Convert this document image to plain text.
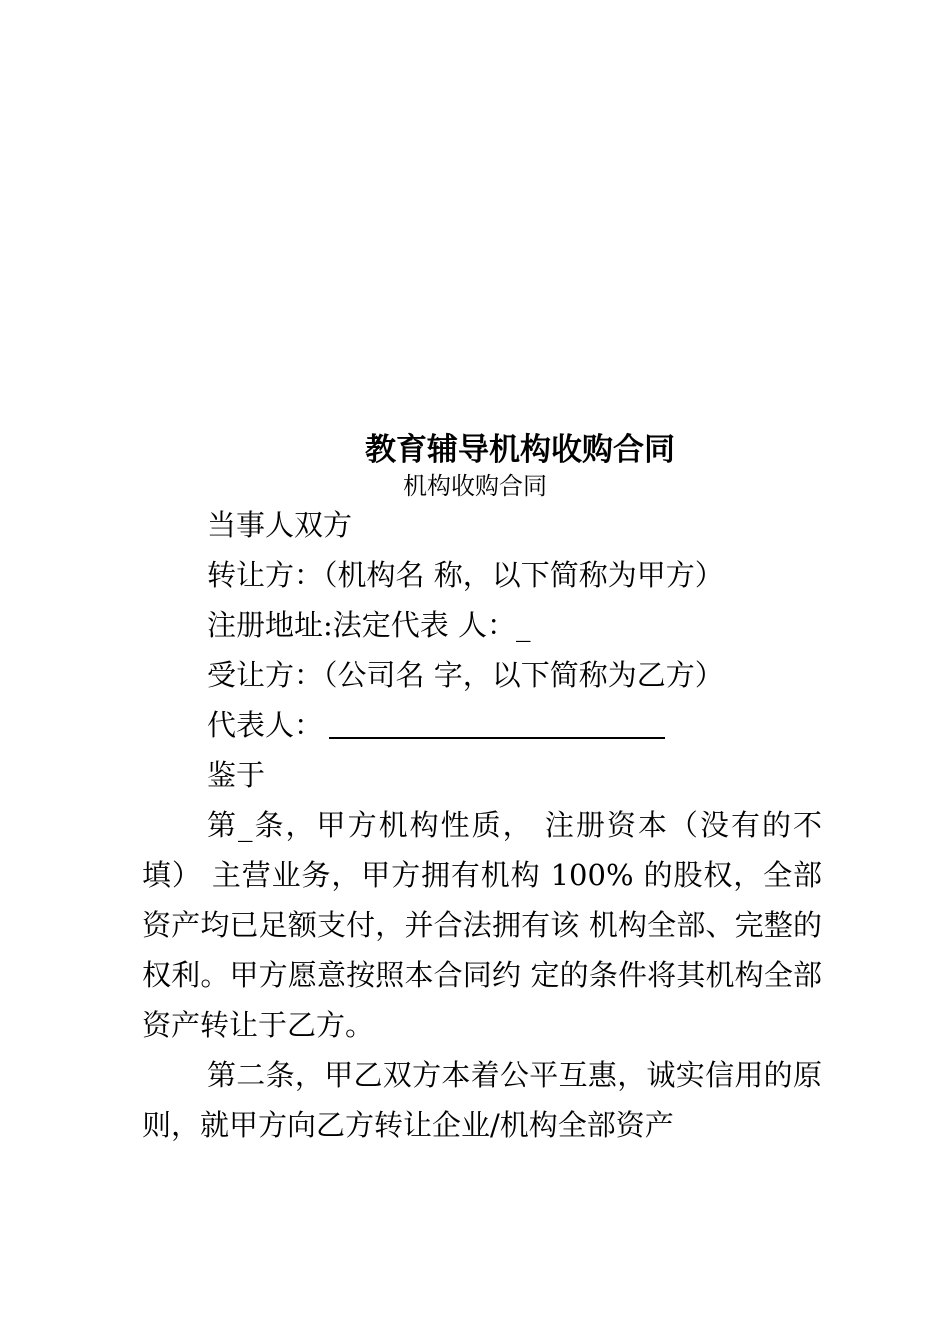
教育辅导机构收购合同
机构收购合同

当事人双方

转让方：（机构名 称，以下简称为甲方）

注册地址:法定代表 人：_

受让方：（公司名 字，以下简称为乙方）

代表人：

鉴于

第_条，甲方机构性质， 注册资本（没有的不填） 主营业务，甲方拥有机构 100% 的股权，全部资产均已足额支付，并合法拥有该 机构全部、完整的权利。甲方愿意按照本合同约 定的条件将其机构全部资产转让于乙方。

第二条，甲乙双方本着公平互惠，诚实信用的原则，就甲方向乙方转让企业/机构全部资产
